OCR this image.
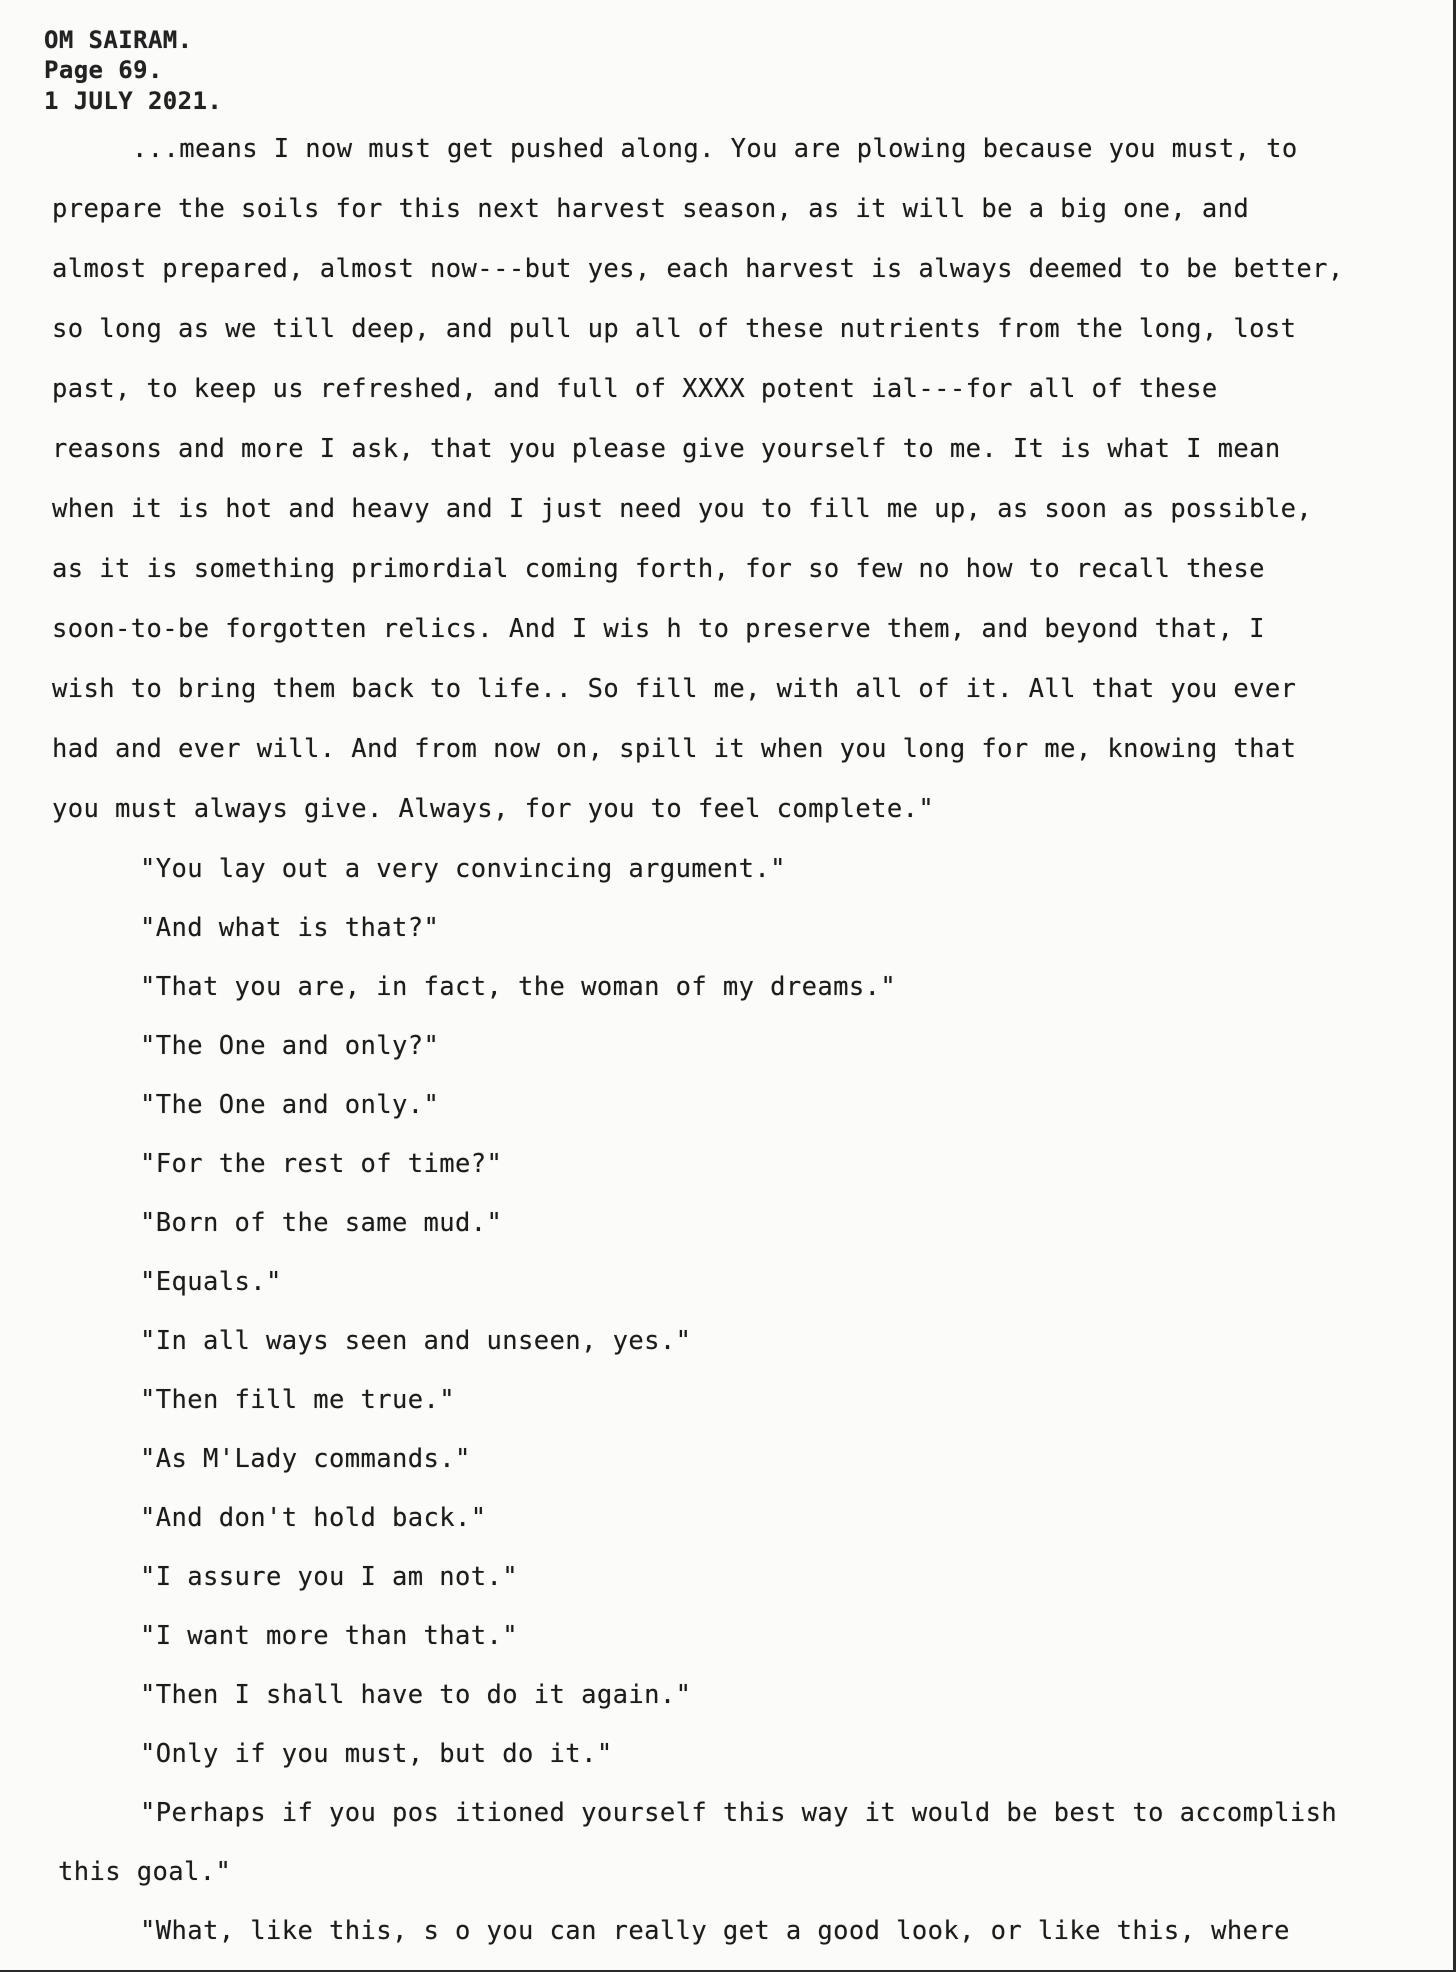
OM SAIRAM.
Page 69.
1 JULY 2021.
...means I now must get pushed along. You are plowing because you must, to
prepare the soils for this next harvest season, as it will be a big one, and
almost prepared, almost now---but yes, each harvest is always deemed to be better,
so long as we till deep, and pull up all of these nutrients from the long, lost
past, to keep us refreshed, and full of XXXX potent ial---for all of these
reasons and more I ask, that you please give yourself to me. It is what I mean
when it is hot and heavy and I just need you to fill me up, as soon as possible,
as it is something primordial coming forth, for so few no how to recall these
soon-to-be forgotten relics. And I wis h to preserve them, and beyond that, I
wish to bring them back to life.. So fill me, with all of it. All that you ever
had and ever will. And from now on, spill it when you long for me, knowing that
you must always give. Always, for you to feel complete."
"You lay out a very convincing argument."
"And what is that?"
"That you are, in fact, the woman of my dreams."
"The One and only?"
"The One and only."
"For the rest of time?"
"Born of the same mud."
"Equals."
"In all ways seen and unseen, yes."
"Then fill me true."
"As M'Lady commands."
"And don't hold back."
"I assure you I am not."
"I want more than that."
"Then I shall have to do it again."
"Only if you must, but do it."
"Perhaps if you pos itioned yourself this way it would be best to accomplish
this goal."
"What, like this, s o you can really get a good look, or like this, where
